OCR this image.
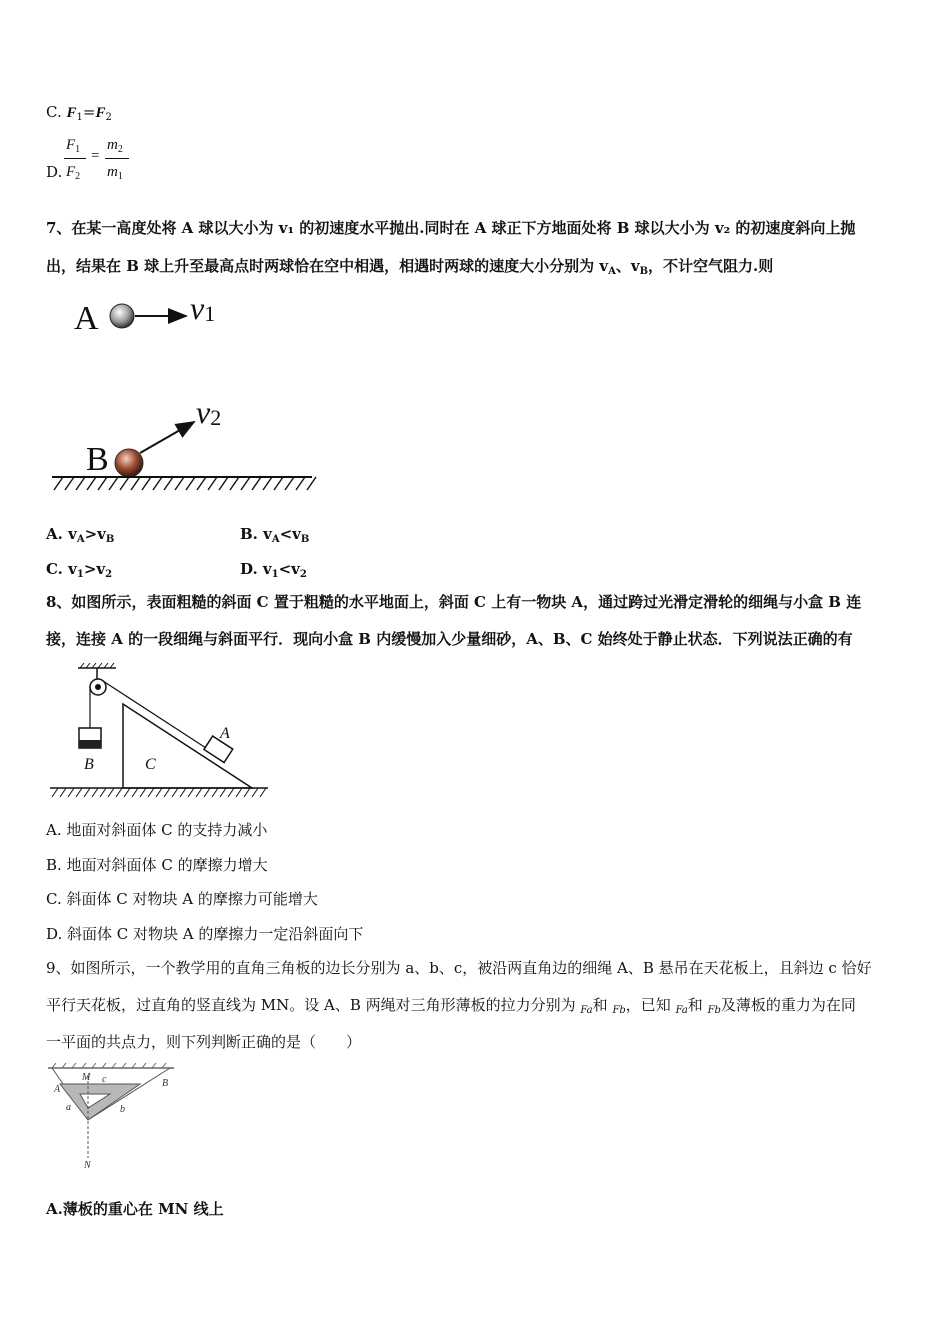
C. $F_1=F_2$
D.
$F_1$
$F_2$
=
$m_2$
$m_1$
7、在某一高度处将 A 球以大小为 v₁ 的初速度水平抛出.同时在 A 球正下方地面处将 B 球以大小为 v₂ 的初速度斜向上抛
出，结果在 B 球上升至最高点时两球恰在空中相遇，相遇时两球的速度大小分别为 $v_A$、$v_B$，不计空气阻力.则
A	v1
B
v2
A. $v_A>v_B$	B. $v_A<v_B$
C. $v_1>v_2$	D. $v_1<v_2$
8、如图所示，表面粗糙的斜面 C 置于粗糙的水平地面上，斜面 C 上有一物块 A，通过跨过光滑定滑轮的细绳与小盒 B 连
接，连接 A 的一段细绳与斜面平行．现向小盒 B 内缓慢加入少量细砂，A、B、C 始终处于静止状态．下列说法正确的有
B	C
A
A. 地面对斜面体 C 的支持力减小
B. 地面对斜面体 C 的摩擦力增大
C. 斜面体 C 对物块 A 的摩擦力可能增大
D. 斜面体 C 对物块 A 的摩擦力一定沿斜面向下
9、如图所示，一个教学用的直角三角板的边长分别为 a、b、c，被沿两直角边的细绳 A、B 悬吊在天花板上，且斜边 c 恰好
平行天花板，过直角的竖直线为 MN。设 A、B 两绳对三角形薄板的拉力分别为 $_{Fa}$和 $_{Fb}$，已知 $_{Fa}$和 $_{Fb}$及薄板的重力为在同
一平面的共点力，则下列判断正确的是（　　）
M c
A
B
a	b
N
A.薄板的重心在 MN 线上
